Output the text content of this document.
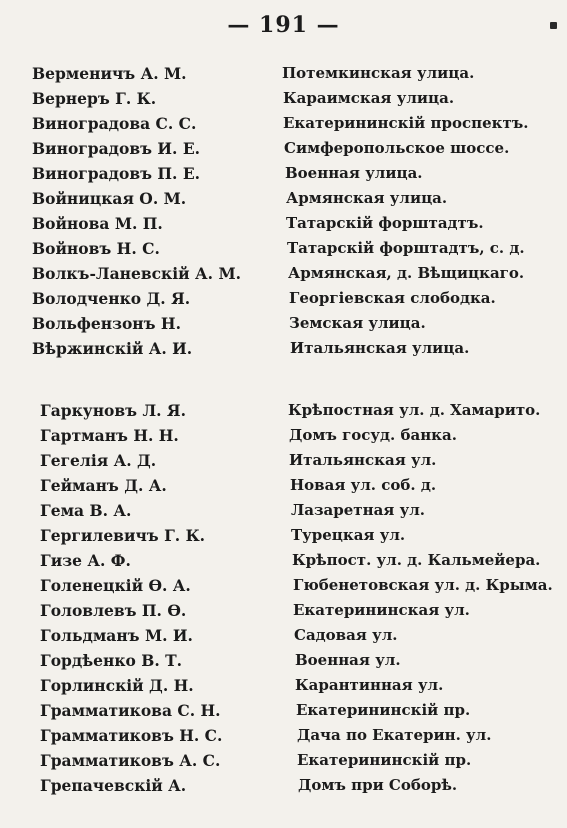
— 191 —
Верменичъ А. М.	Потемкинская улица.
Вернеръ Г. К.	Караимская улица.
Виноградова С. С.	Екатерининскій проспектъ.
Виноградовъ И. Е.	Симферопольское шоссе.
Виноградовъ П. Е.	Военная улица.
Войницкая О. М.	Армянская улица.
Войнова М. П.	Татарскій форштадтъ.
Войновъ Н. С.	Татарскій форштадтъ, с. д.
Волкъ-Ланевскій А. М.	Армянская, д. Вѣщицкаго.
Володченко Д. Я.	Георгіевская слободка.
Вольфензонъ Н.	Земская улица.
Вѣржинскій А. И.	Итальянская улица.
Гаркуновъ Л. Я.	Крѣпостная ул. д. Хамарито.
Гартманъ Н. Н.	Домъ госуд. банка.
Гегелія А. Д.	Итальянская ул.
Гейманъ Д. А.	Новая ул. соб. д.
Гема В. А.	Лазаретная ул.
Гергилевичъ Г. К.	Турецкая ул.
Гизе А. Ф.	Крѣпост. ул. д. Кальмейера.
Голенецкій Ѳ. А.	Гюбенетовская ул. д. Крыма.
Головлевъ П. Ѳ.	Екатерининская ул.
Гольдманъ М. И.	Садовая ул.
Гордѣенко В. Т.	Военная ул.
Горлинскій Д. Н.	Карантинная ул.
Грамматикова С. Н.	Екатерининскій пр.
Грамматиковъ Н. С.	Дача по Екатерин. ул.
Грамматиковъ А. С.	Екатерининскій пр.
Грепачевскій А.	Домъ при Соборѣ.
